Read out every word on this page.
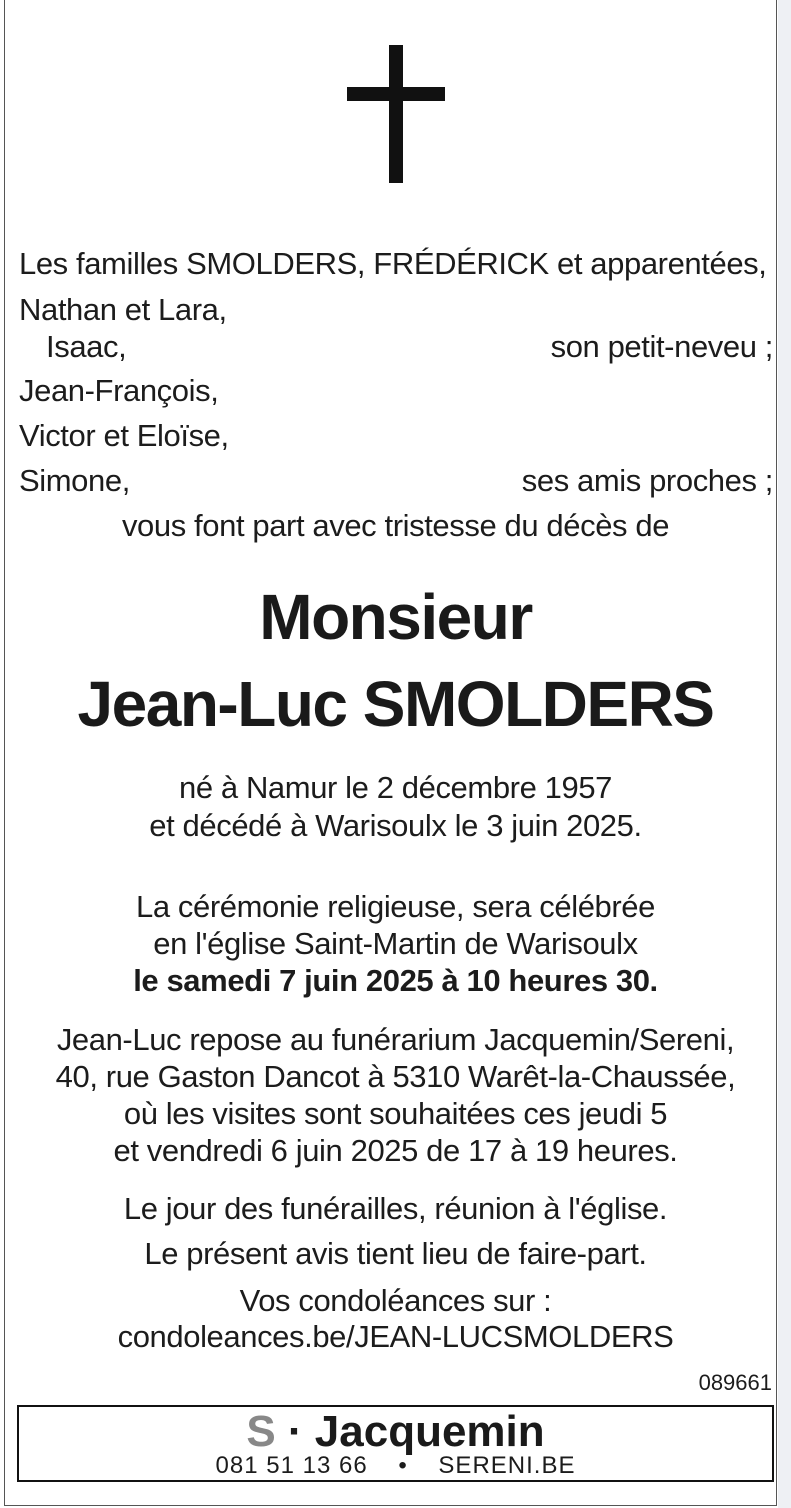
Les familles SMOLDERS, FRÉDÉRICK et apparentées,
Nathan et Lara,
Isaac,	son petit-neveu ;
Jean-François,
Victor et Eloïse,
Simone,	ses amis proches ;
vous font part avec tristesse du décès de
Monsieur
Jean-Luc SMOLDERS
né à Namur le 2 décembre 1957
et décédé à Warisoulx le 3 juin 2025.
La cérémonie religieuse, sera célébrée
en l'église Saint-Martin de Warisoulx
le samedi 7 juin 2025 à 10 heures 30.
Jean-Luc repose au funérarium Jacquemin/Sereni,
40, rue Gaston Dancot à 5310 Warêt-la-Chaussée,
où les visites sont souhaitées ces jeudi 5
et vendredi 6 juin 2025 de 17 à 19 heures.
Le jour des funérailles, réunion à l'église.
Le présent avis tient lieu de faire-part.
Vos condoléances sur :
condoleances.be/JEAN-LUCSMOLDERS
089661
S · Jacquemin
081 51 13 66 • SERENI.BE
